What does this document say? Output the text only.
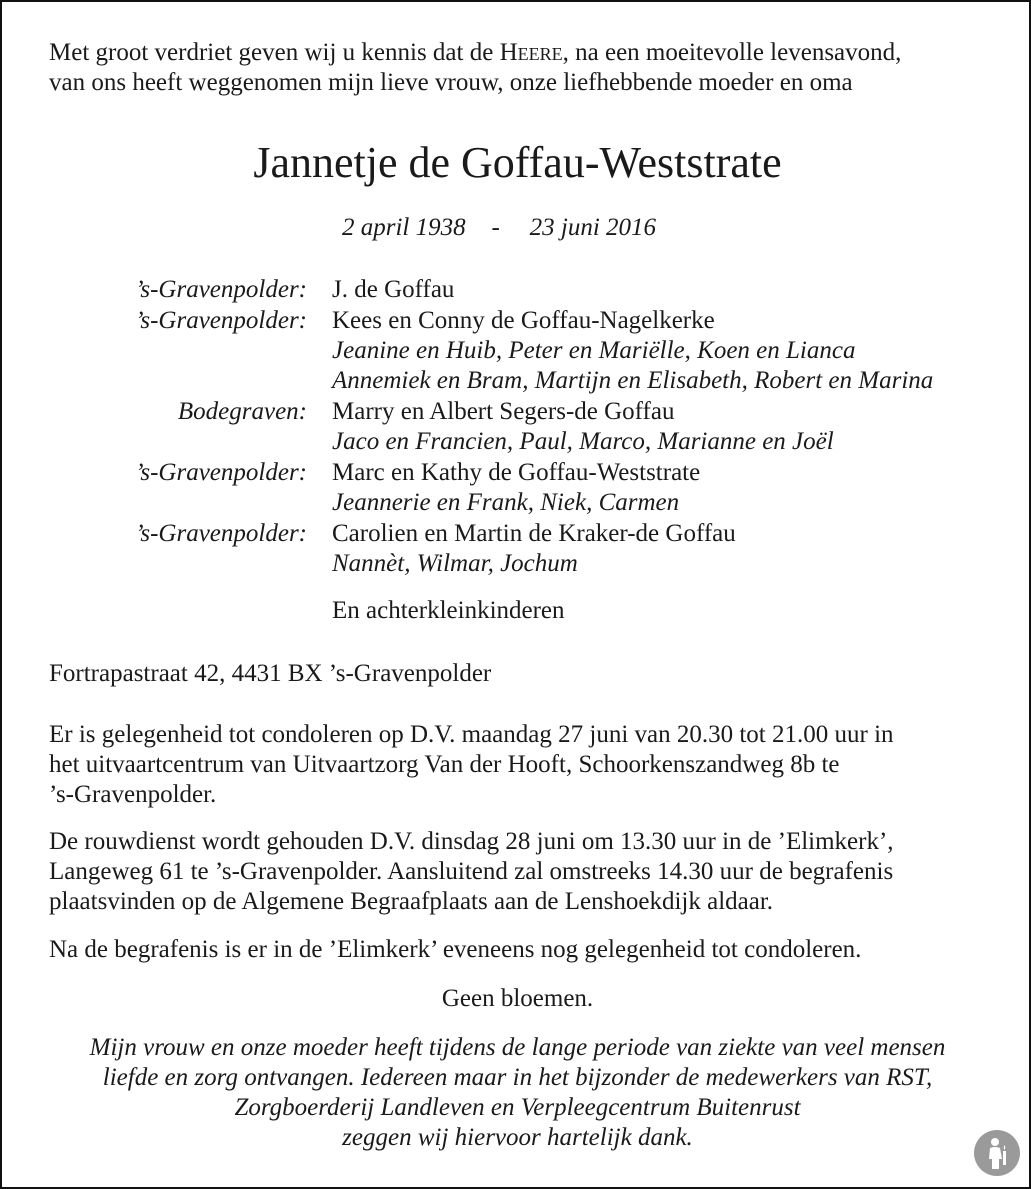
Met groot verdriet geven wij u kennis dat de Heere, na een moeitevolle levensavond,
van ons heeft weggenomen mijn lieve vrouw, onze liefhebbende moeder en oma
Jannetje de Goffau-Weststrate
2 april 1938 - 23 juni 2016
’s-Gravenpolder: J. de Goffau
’s-Gravenpolder: Kees en Conny de Goffau-Nagelkerke
Jeanine en Huib, Peter en Mariëlle, Koen en Lianca
Annemiek en Bram, Martijn en Elisabeth, Robert en Marina
Bodegraven: Marry en Albert Segers-de Goffau
Jaco en Francien, Paul, Marco, Marianne en Joël
’s-Gravenpolder: Marc en Kathy de Goffau-Weststrate
Jeannerie en Frank, Niek, Carmen
’s-Gravenpolder: Carolien en Martin de Kraker-de Goffau
Nannèt, Wilmar, Jochum
En achterkleinkinderen
Fortrapastraat 42, 4431 BX ’s-Gravenpolder
Er is gelegenheid tot condoleren op D.V. maandag 27 juni van 20.30 tot 21.00 uur in
het uitvaartcentrum van Uitvaartzorg Van der Hooft, Schoorkenszandweg 8b te
’s-Gravenpolder.
De rouwdienst wordt gehouden D.V. dinsdag 28 juni om 13.30 uur in de ’Elimkerk’,
Langeweg 61 te ’s-Gravenpolder. Aansluitend zal omstreeks 14.30 uur de begrafenis
plaatsvinden op de Algemene Begraafplaats aan de Lenshoekdijk aldaar.
Na de begrafenis is er in de ’Elimkerk’ eveneens nog gelegenheid tot condoleren.
Geen bloemen.
Mijn vrouw en onze moeder heeft tijdens de lange periode van ziekte van veel mensen
liefde en zorg ontvangen. Iedereen maar in het bijzonder de medewerkers van RST,
Zorgboerderij Landleven en Verpleegcentrum Buitenrust
zeggen wij hiervoor hartelijk dank.
